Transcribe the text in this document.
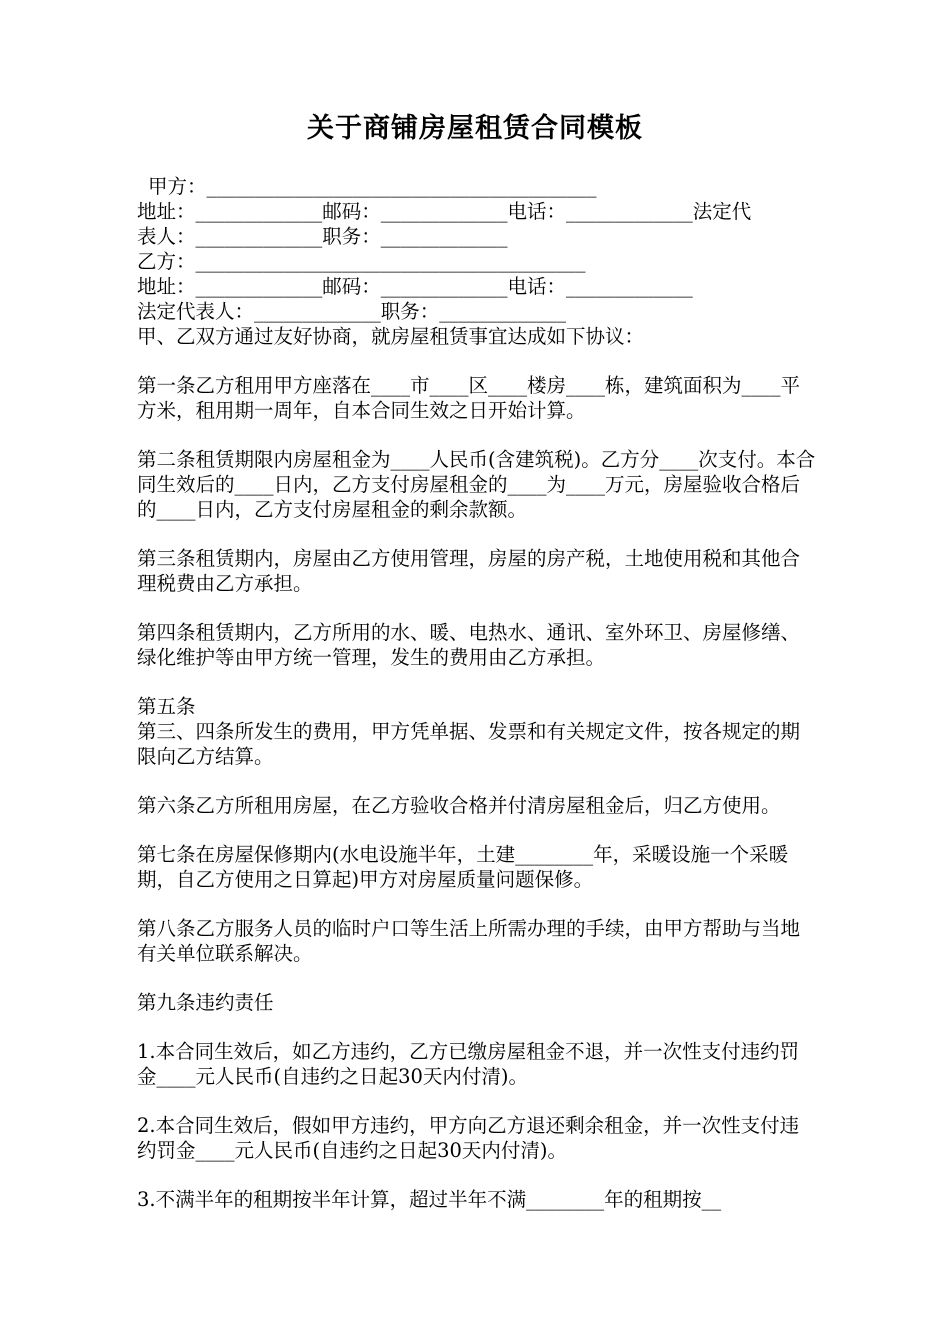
关于商铺房屋租赁合同模板
甲方：________________________________________
地址：_____________邮码：_____________电话：_____________法定代
表人：_____________职务：_____________
乙方：________________________________________
地址：_____________邮码：_____________电话：_____________
法定代表人：_____________职务：_____________
甲、乙双方通过友好协商，就房屋租赁事宜达成如下协议：

第一条乙方租用甲方座落在____市____区____楼房____栋，建筑面积为____平方米，租用期一周年，自本合同生效之日开始计算。

第二条租赁期限内房屋租金为____人民币(含建筑税)。乙方分____次支付。本合同生效后的____日内，乙方支付房屋租金的____为____万元，房屋验收合格后的____日内，乙方支付房屋租金的剩余款额。

第三条租赁期内，房屋由乙方使用管理，房屋的房产税，土地使用税和其他合理税费由乙方承担。

第四条租赁期内，乙方所用的水、暖、电热水、通讯、室外环卫、房屋修缮、绿化维护等由甲方统一管理，发生的费用由乙方承担。

第五条

第三、四条所发生的费用，甲方凭单据、发票和有关规定文件，按各规定的期限向乙方结算。

第六条乙方所租用房屋，在乙方验收合格并付清房屋租金后，归乙方使用。

第七条在房屋保修期内(水电设施半年，土建________年，采暖设施一个采暖期，自乙方使用之日算起)甲方对房屋质量问题保修。

第八条乙方服务人员的临时户口等生活上所需办理的手续，由甲方帮助与当地有关单位联系解决。

第九条违约责任

1.本合同生效后，如乙方违约，乙方已缴房屋租金不退，并一次性支付违约罚金____元人民币(自违约之日起30天内付清)。

2.本合同生效后，假如甲方违约，甲方向乙方退还剩余租金，并一次性支付违约罚金____元人民币(自违约之日起30天内付清)。

3.不满半年的租期按半年计算，超过半年不满________年的租期按__
